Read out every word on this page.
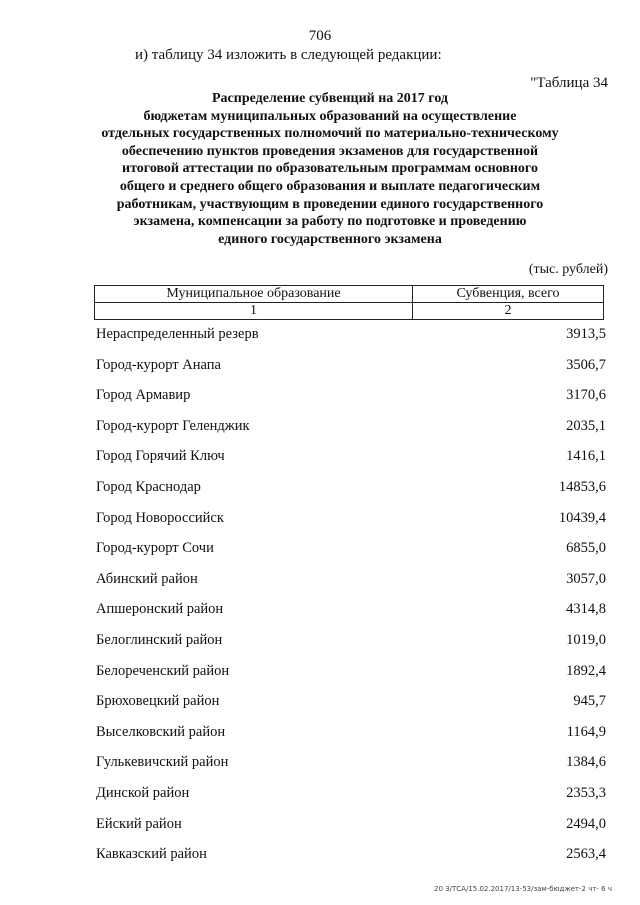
706
и) таблицу 34 изложить в следующей редакции:
"Таблица 34
Распределение субвенций на 2017 год
бюджетам муниципальных образований на осуществление
отдельных государственных полномочий по материально-техническому
обеспечению пунктов проведения экзаменов для государственной
итоговой аттестации по образовательным программам основного
общего и среднего общего образования и выплате педагогическим
работникам, участвующим в проведении единого государственного
экзамена, компенсации за работу по подготовке и проведению
единого государственного экзамена
(тыс. рублей)
Муниципальное образование	Субвенция, всего
1	2
Нераспределенный резерв	3913,5
Город-курорт Анапа	3506,7
Город Армавир	3170,6
Город-курорт Геленджик	2035,1
Город Горячий Ключ	1416,1
Город Краснодар	14853,6
Город Новороссийск	10439,4
Город-курорт Сочи	6855,0
Абинский район	3057,0
Апшеронский район	4314,8
Белоглинский район	1019,0
Белореченский район	1892,4
Брюховецкий район	945,7
Выселковский район	1164,9
Гулькевичский район	1384,6
Динской район	2353,3
Ейский район	2494,0
Кавказский район	2563,4
20 З/ТСА/15.02.2017/13-53/зам-бюджет-2 чт- 6 ч
